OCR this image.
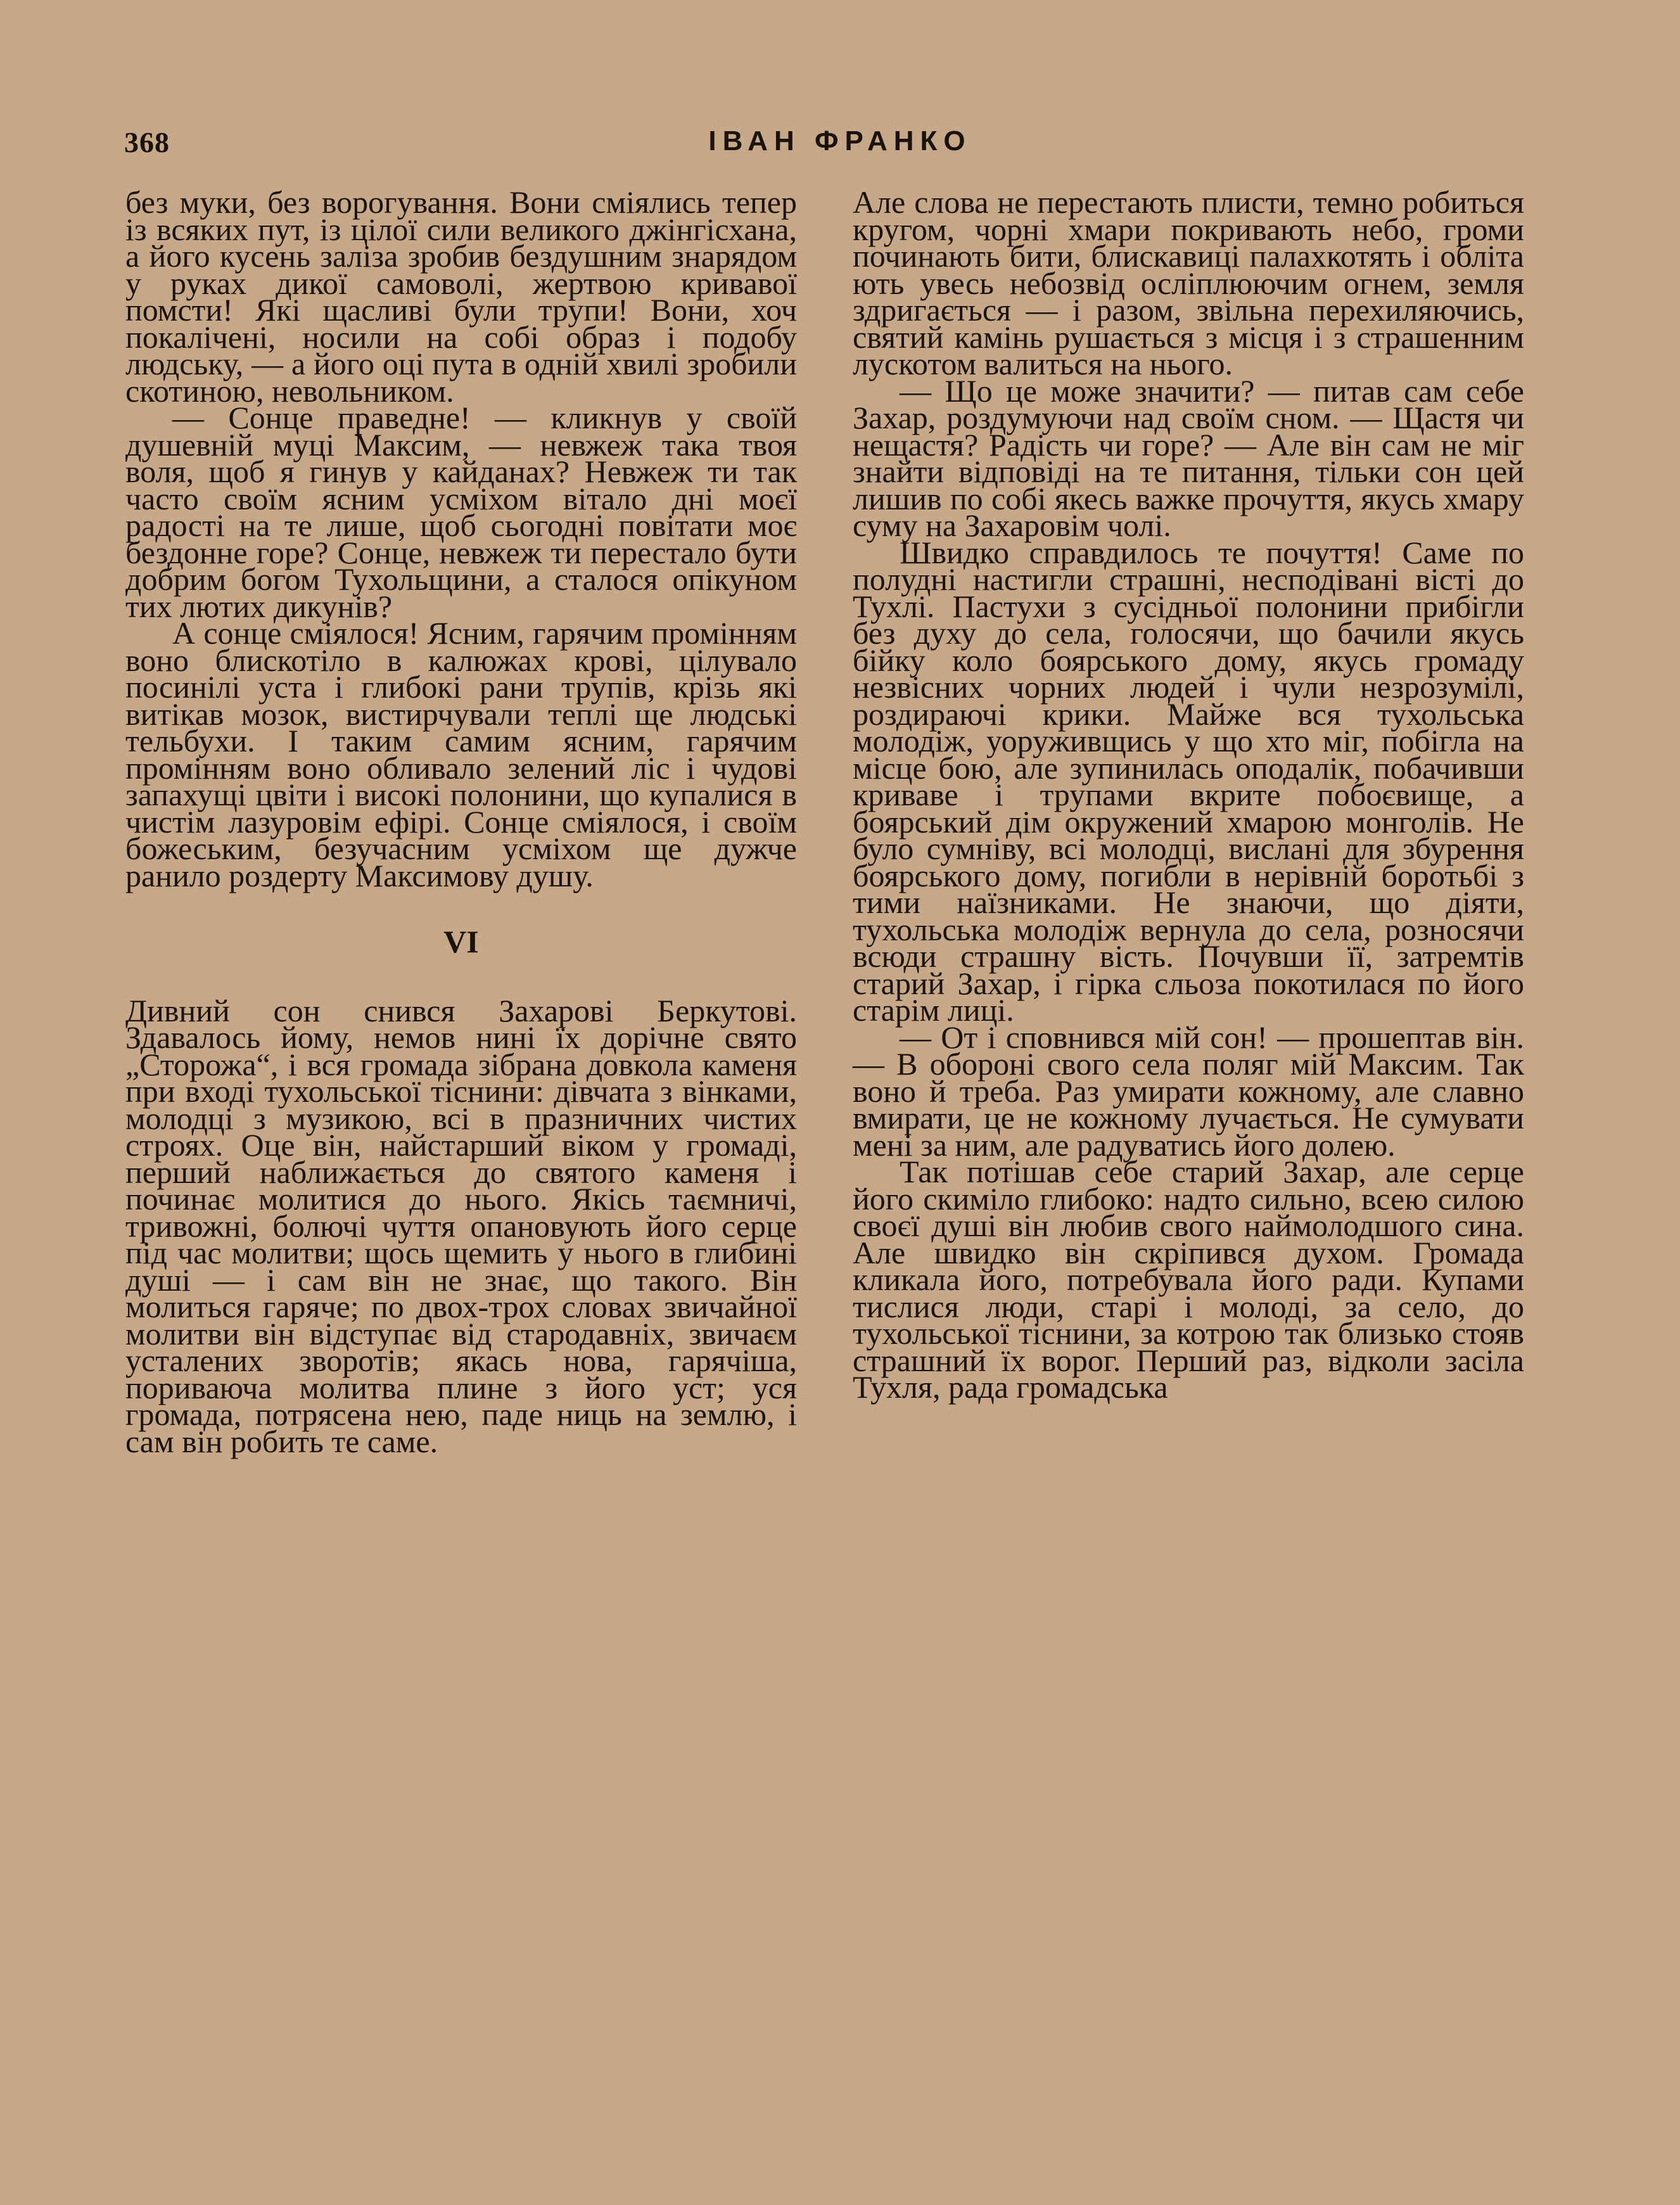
368	ІВАН ФРАНКО

без муки, без ворогування. Вони сміялись тепер із всяких пут, із цілої сили великого джінгісхана, а його кусень заліза зробив бездушним знарядом у руках дикої самоволі, жертвою кривавої помсти! Які щасливі були трупи! Вони, хоч покалічені, носили на собі образ і подобу людську, — а його оці пута в одній хвилі зробили скотиною, невольником.

— Сонце праведне! — кликнув у своїй душевній муці Максим, — невжеж така твоя воля, щоб я гинув у кайданах? Невжеж ти так часто своїм ясним усміхом вітало дні моєї радості на те лише, щоб сьогодні повітати моє бездонне горе? Сонце, невжеж ти перестало бути добрим богом Тухольщини, а сталося опікуном тих лютих дикунів?

А сонце сміялося! Ясним, гарячим промінням воно блискотіло в калюжах крові, цілувало посинілі уста і глибокі рани трупів, крізь які витікав мозок, вистирчували теплі ще людські тельбухи. І таким самим ясним, гарячим промінням воно обливало зелений ліс і чудові запахущі цвіти і високі полонини, що купалися в чистім лазуровім ефірі. Сонце сміялося, і своїм божеським, безучасним усміхом ще дужче ранило роздерту Максимову душу.

VI

Дивний сон снився Захарові Беркутові. Здавалось йому, немов нині їх дорічне свято „Сторожа“, і вся громада зібрана довкола каменя при вході тухольської тіснини: дівчата з вінками, молодці з музикою, всі в празничних чистих строях. Оце він, найстарший віком у громаді, перший наближається до святого каменя і починає молитися до нього. Якісь таємничі, тривожні, болючі чуття опановують його серце під час молитви; щось щемить у нього в глибині душі — і сам він не знає, що такого. Він молиться гаряче; по двох-трох словах звичайної молитви він відступає від стародавніх, звичаєм усталених зворотів; якась нова, гарячіша, пориваюча молитва плине з його уст; уся громада, потрясена нею, паде ниць на землю, і сам він робить те саме.

Але слова не перестають плисти, темно робиться кругом, чорні хмари покривають небо, громи починають бити, блискавиці палахкотять і обліта ють увесь небозвід осліплюючим огнем, земля здригається — і разом, звільна перехиляючись, святий камінь рушається з місця і з страшенним лускотом валиться на нього.

— Що це може значити? — питав сам себе Захар, роздумуючи над своїм сном. — Щастя чи нещастя? Радість чи горе? — Але він сам не міг знайти відповіді на те питання, тільки сон цей лишив по собі якесь важке прочуття, якусь хмару суму на Захаровім чолі.

Швидко справдилось те почуття! Саме по полудні настигли страшні, несподівані вісті до Тухлі. Пастухи з сусідньої полонини прибігли без духу до села, голосячи, що бачили якусь бійку коло боярського дому, якусь громаду незвісних чорних людей і чули незрозумілі, роздираючі крики. Майже вся тухольська молодіж, уоруживщись у що хто міг, побігла на місце бою, але зупинилась оподалік, побачивши криваве і трупами вкрите побоєвище, а боярський дім окружений хмарою монголів. Не було сумніву, всі молодці, вислані для збурення боярського дому, погибли в нерівній боротьбі з тими наїзниками. Не знаючи, що діяти, тухольська молодіж вернула до села, розносячи всюди страшну вість. Почувши її, затремтів старий Захар, і гірка сльоза покотилася по його старім лиці.

— От і сповнився мій сон! — прошептав він. — В обороні свого села поляг мій Максим. Так воно й треба. Раз умирати кожному, але славно вмирати, це не кожному лучається. Не сумувати мені за ним, але радуватись його долею.

Так потішав себе старий Захар, але серце його скиміло глибоко: надто сильно, всею силою своєї душі він любив свого наймолодшого сина. Але швидко він скріпився духом. Громада кликала його, потребувала його ради. Купами тислися люди, старі і молоді, за село, до тухольської тіснини, за котрою так близько стояв страшний їх ворог. Перший раз, відколи засіла Тухля, рада громадська
